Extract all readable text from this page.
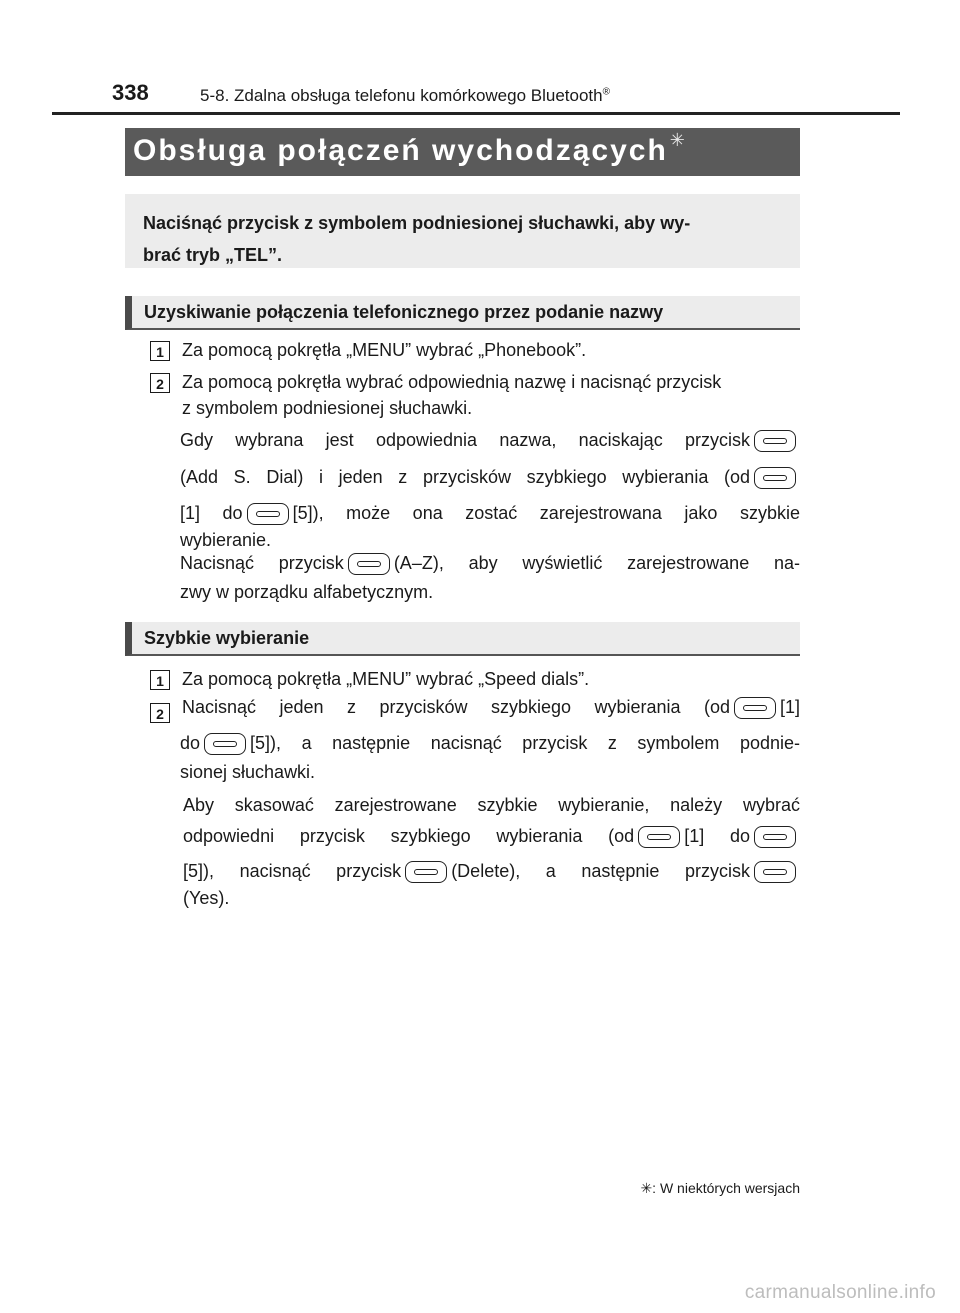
338	5-8. Zdalna obsługa telefonu komórkowego Bluetooth®
Obsługa połączeń wychodzących ✳
Naciśnąć przycisk z symbolem podniesionej słuchawki, aby wy-
brać tryb „TEL”.
Uzyskiwanie połączenia telefonicznego przez podanie nazwy
1	Za pomocą pokrętła „MENU” wybrać „Phonebook”.
2	Za pomocą pokrętła wybrać odpowiednią nazwę i nacisnąć przycisk
z symbolem podniesionej słuchawki.
Gdy wybrana jest odpowiednia nazwa, naciskając przycisk
(Add S. Dial) i jeden z przycisków szybkiego wybierania (od
[1] do	[5]), może ona zostać zarejestrowana jako szybkie
wybieranie.
Nacisnąć przycisk	(A–Z), aby wyświetlić zarejestrowane na-
zwy w porządku alfabetycznym.
Szybkie wybieranie
1	Za pomocą pokrętła „MENU” wybrać „Speed dials”.
2	Nacisnąć jeden z przycisków szybkiego wybierania (od	[1]
do	[5]), a następnie nacisnąć przycisk z symbolem podnie-
sionej słuchawki.
Aby skasować zarejestrowane szybkie wybieranie, należy wybrać
odpowiedni przycisk szybkiego wybierania (od	[1] do
[5]), nacisnąć przycisk	(Delete), a następnie przycisk
(Yes).
✳: W niektórych wersjach
carmanualsonline.info
